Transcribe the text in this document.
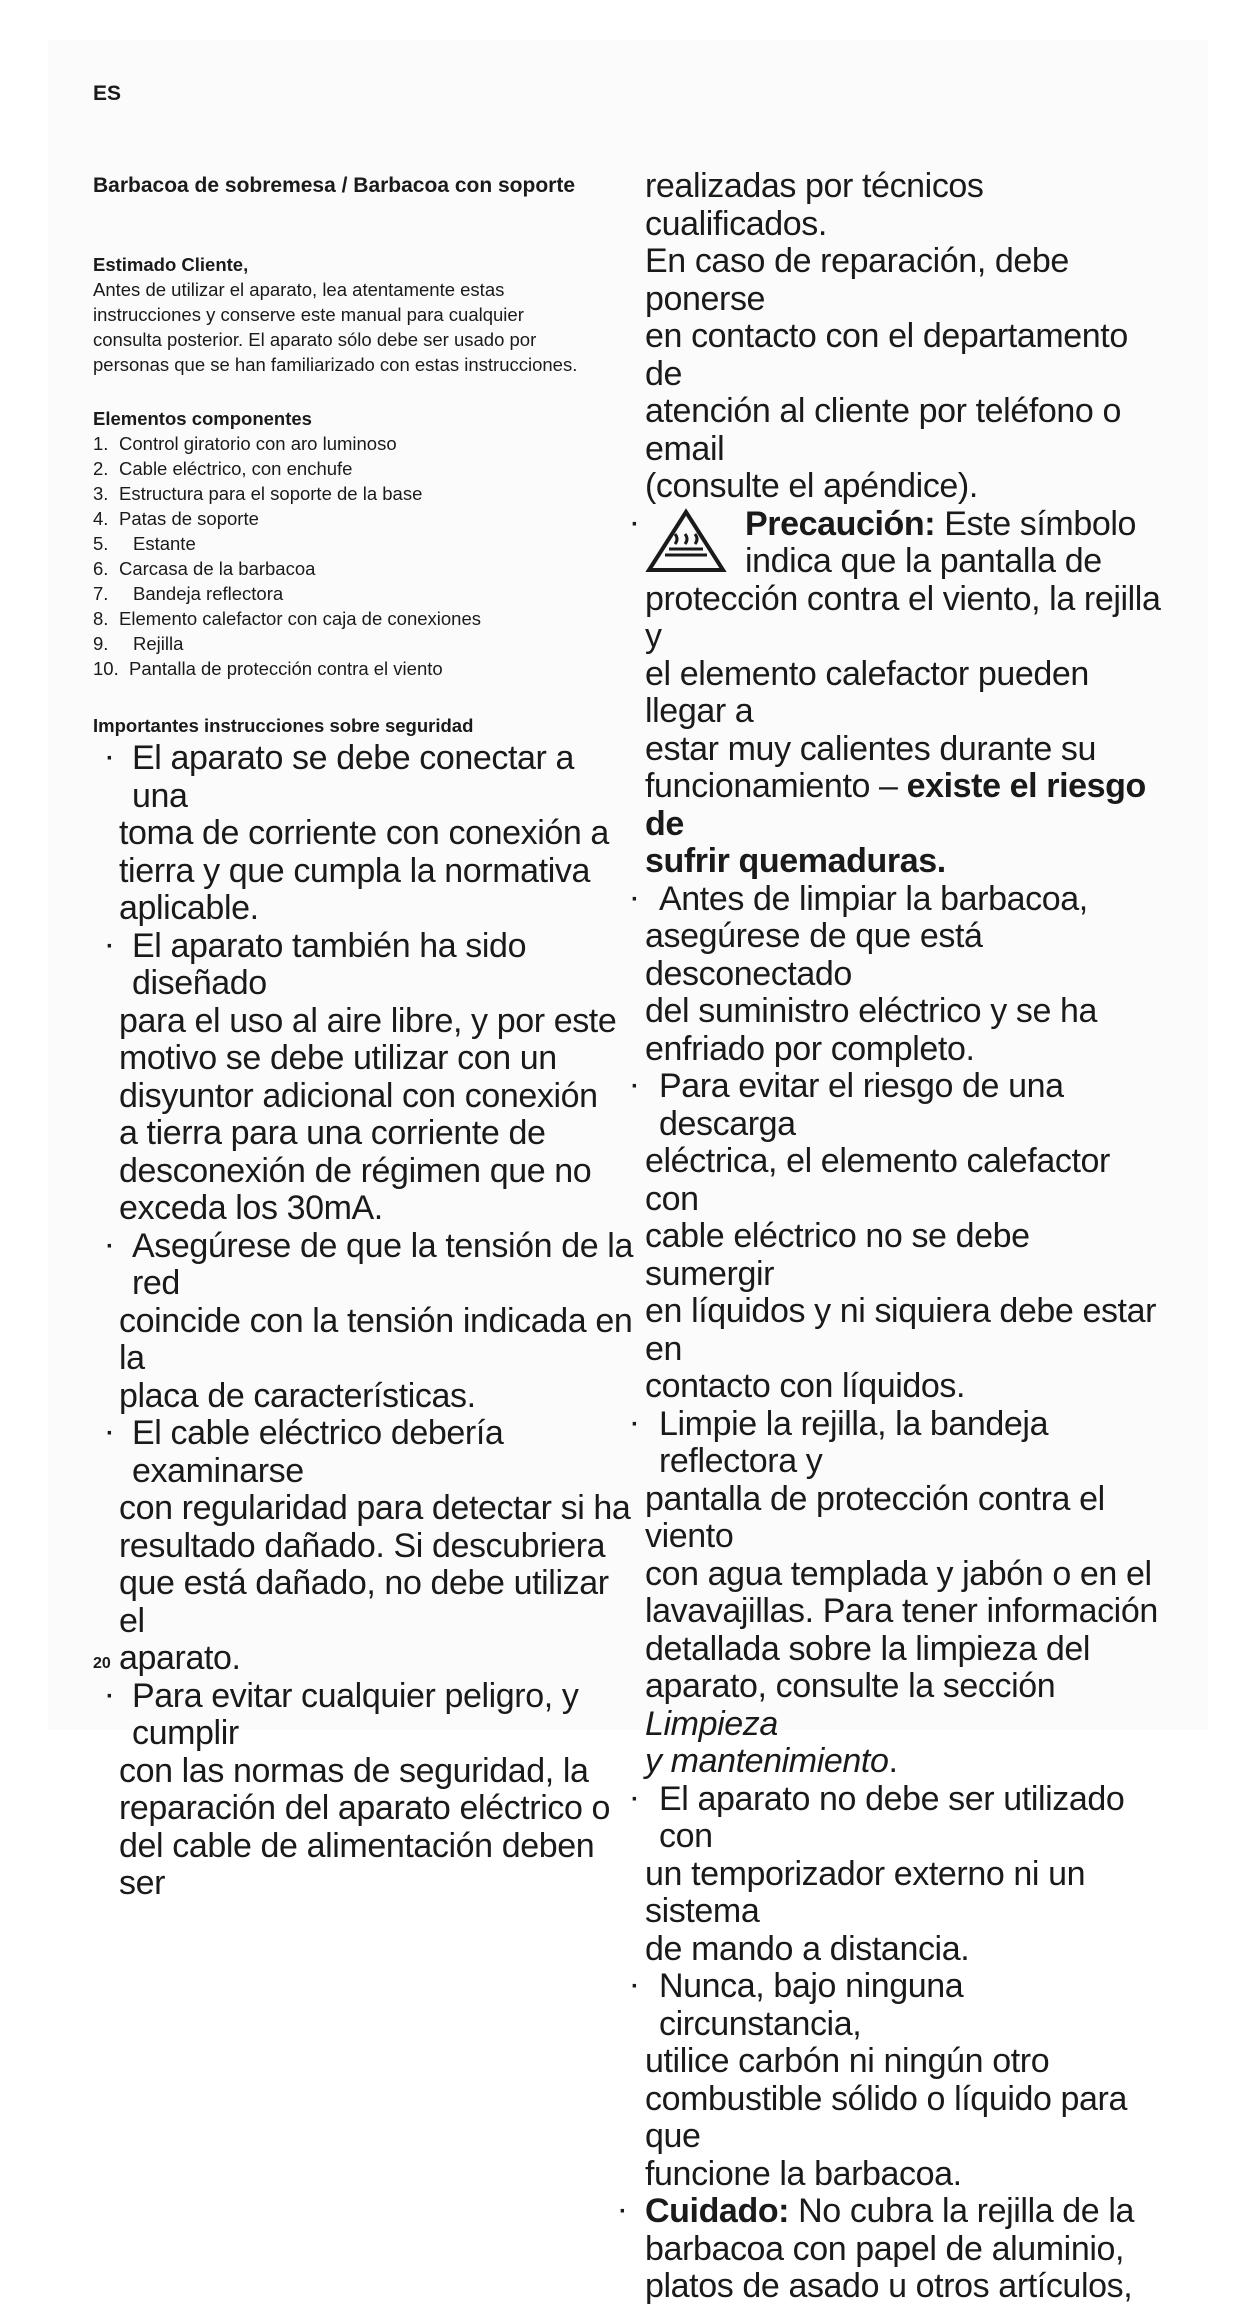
ES
Barbacoa de sobremesa / Barbacoa con soporte
Estimado Cliente,
Antes de utilizar el aparato, lea atentamente estas
instrucciones y conserve este manual para cualquier
consulta posterior. El aparato sólo debe ser usado por
personas que se han familiarizado con estas instrucciones.
Elementos componentes
1. Control giratorio con aro luminoso
2. Cable eléctrico, con enchufe
3. Estructura para el soporte de la base
4. Patas de soporte
5.	Estante
6. Carcasa de la barbacoa
7.	Bandeja reflectora
8. Elemento calefactor con caja de conexiones
9.	Rejilla
10. Pantalla de protección contra el viento
Importantes instrucciones sobre seguridad
· El aparato se debe conectar a una
toma de corriente con conexión a
tierra y que cumpla la normativa
aplicable.
· El aparato también ha sido diseñado
para el uso al aire libre, y por este
motivo se debe utilizar con un
disyuntor adicional con conexión
a tierra para una corriente de
desconexión de régimen que no
exceda los 30mA.
· Asegúrese de que la tensión de la red
coincide con la tensión indicada en la
placa de características.
· El cable eléctrico debería examinarse
con regularidad para detectar si ha
resultado dañado. Si descubriera
que está dañado, no debe utilizar el
aparato.
· Para evitar cualquier peligro, y cumplir
con las normas de seguridad, la
reparación del aparato eléctrico o
del cable de alimentación deben ser
realizadas por técnicos cualificados.
En caso de reparación, debe ponerse
en contacto con el departamento de
atención al cliente por teléfono o email
(consulte el apéndice).
·	Precaución: Este símbolo
indica que la pantalla de
protección contra el viento, la rejilla y
el elemento calefactor pueden llegar a
estar muy calientes durante su
funcionamiento – existe el riesgo de
sufrir quemaduras.
· Antes de limpiar la barbacoa,
asegúrese de que está desconectado
del suministro eléctrico y se ha
enfriado por completo.
· Para evitar el riesgo de una descarga
eléctrica, el elemento calefactor con
cable eléctrico no se debe sumergir
en líquidos y ni siquiera debe estar en
contacto con líquidos.
· Limpie la rejilla, la bandeja reflectora y
pantalla de protección contra el viento
con agua templada y jabón o en el
lavavajillas. Para tener información
detallada sobre la limpieza del
aparato, consulte la sección Limpieza
y mantenimiento.
· El aparato no debe ser utilizado con
un temporizador externo ni un sistema
de mando a distancia.
· Nunca, bajo ninguna circunstancia,
utilice carbón ni ningún otro
combustible sólido o líquido para que
funcione la barbacoa.
· Cuidado: No cubra la rejilla de la
barbacoa con papel de aluminio,
platos de asado u otros artículos,
20
